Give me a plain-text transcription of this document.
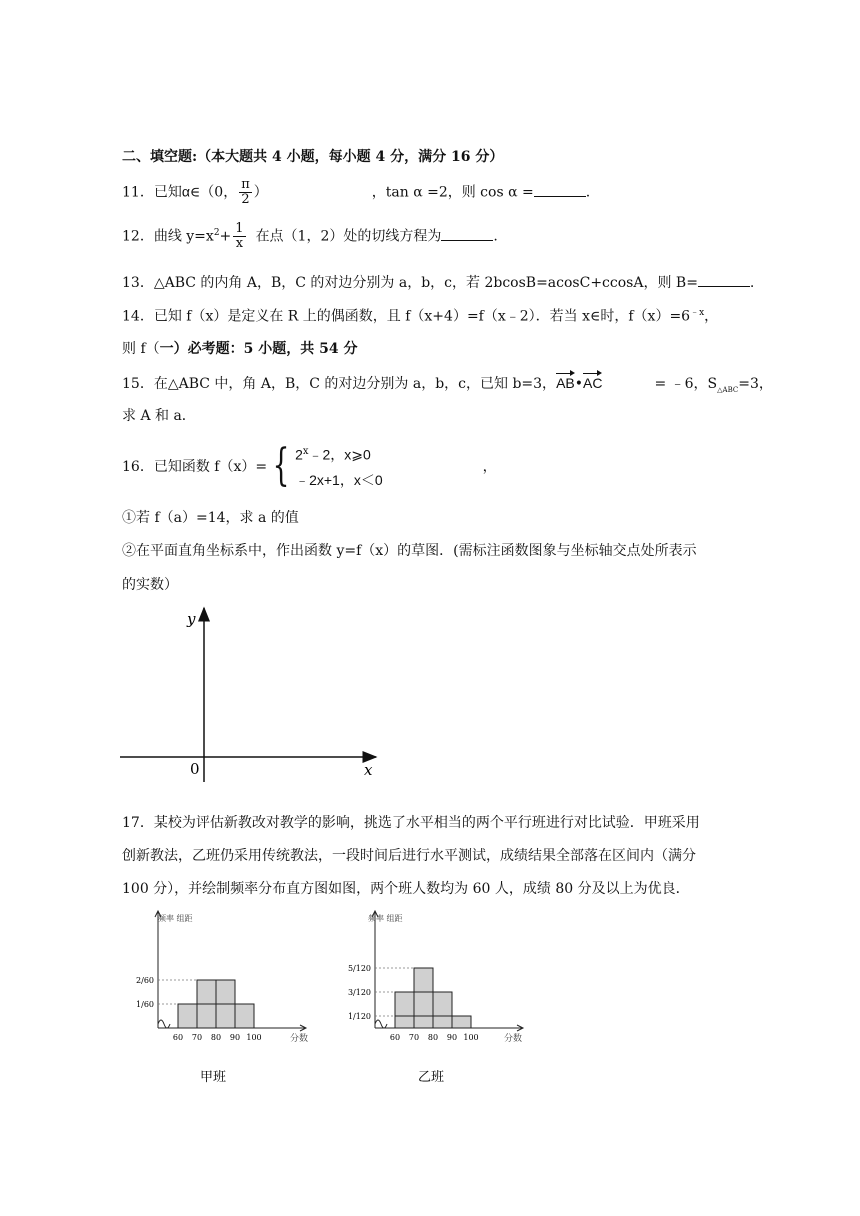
二、填空题:（本大题共 4 小题，每小题 4 分，满分 16 分）
11．已知α∈（0， $\frac{\pi}{2}$ ）	，tan α =2，则 cos α =	.
12．曲线 $y=x^2+ \frac{1}{x}$ 在点（1，2）处的切线方程为	.
13．△ABC 的内角 A，B，C 的对边分别为 a，b，c，若 2bcosB=acosC+ccosA，则 B=	.
14．已知 f（x）是定义在 R 上的偶函数，且 f（x+4）=f（x﹣2）．若当 x∈时，$f(x)=6^{﹣x}$，
则 f（一）必考题：5 小题，共 54 分
15．在△ABC 中，角 A，B，C 的对边分别为 a，b，c，已知 b=3，AB•AC	= ﹣6，$S_{\triangle ABC}=3$，
求 A 和 a．
16．已知函数 f（x）= { 2$^x$﹣2，x⩾0
﹣2x+1，x＜0
，
①若 f（a）=14，求 a 的值
②在平面直角坐标系中，作出函数 y=f（x）的草图．(需标注函数图象与坐标轴交点处所表示
的实数）
y
x
0
17．某校为评估新教改对教学的影响，挑选了水平相当的两个平行班进行对比试验．甲班采用
创新教法，乙班仍采用传统教法，一段时间后进行水平测试，成绩结果全部落在区间内（满分
100 分），并绘制频率分布直方图如图，两个班人数均为 60 人，成绩 80 分及以上为优良．
频率 组距
分数
甲班
2/60
1/60
60 70 80 90 100
频率 组距
分数
乙班
5/120
3/120
1/120
60 70 80 90 100
